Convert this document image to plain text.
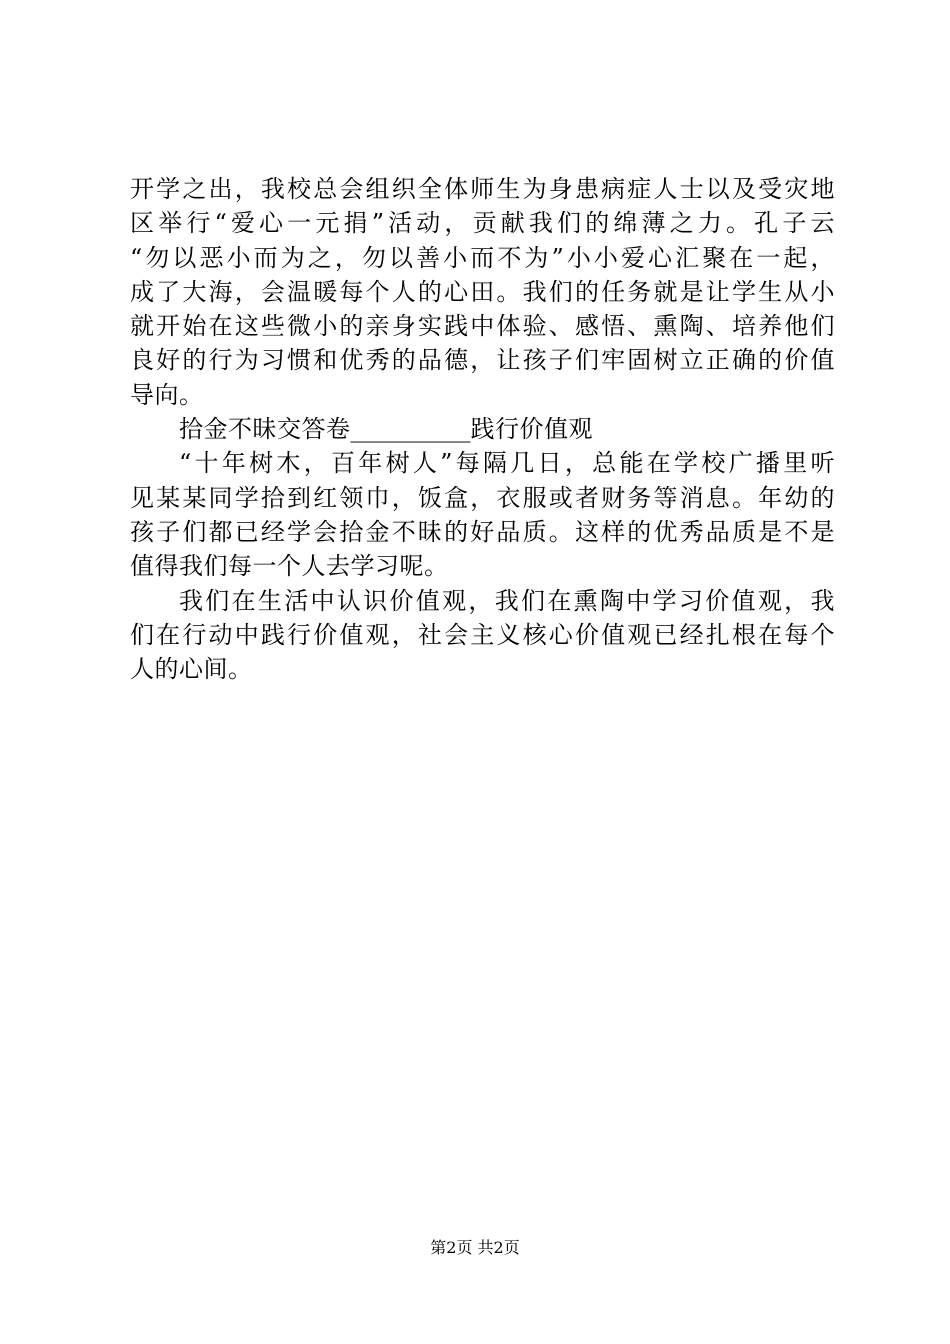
开学之出，我校总会组织全体师生为身患病症人士以及受灾地
区举行“爱心一元捐”活动，贡献我们的绵薄之力。孔子云
“勿以恶小而为之，勿以善小而不为”小小爱心汇聚在一起，
成了大海，会温暖每个人的心田。我们的任务就是让学生从小
就开始在这些微小的亲身实践中体验、感悟、熏陶、培养他们
良好的行为习惯和优秀的品德，让孩子们牢固树立正确的价值
导向。
拾金不昧交答卷__________践行价值观
“十年树木，百年树人”每隔几日，总能在学校广播里听
见某某同学拾到红领巾，饭盒，衣服或者财务等消息。年幼的
孩子们都已经学会拾金不昧的好品质。这样的优秀品质是不是
值得我们每一个人去学习呢。
我们在生活中认识价值观，我们在熏陶中学习价值观，我
们在行动中践行价值观，社会主义核心价值观已经扎根在每个
人的心间。
第2页 共2页
